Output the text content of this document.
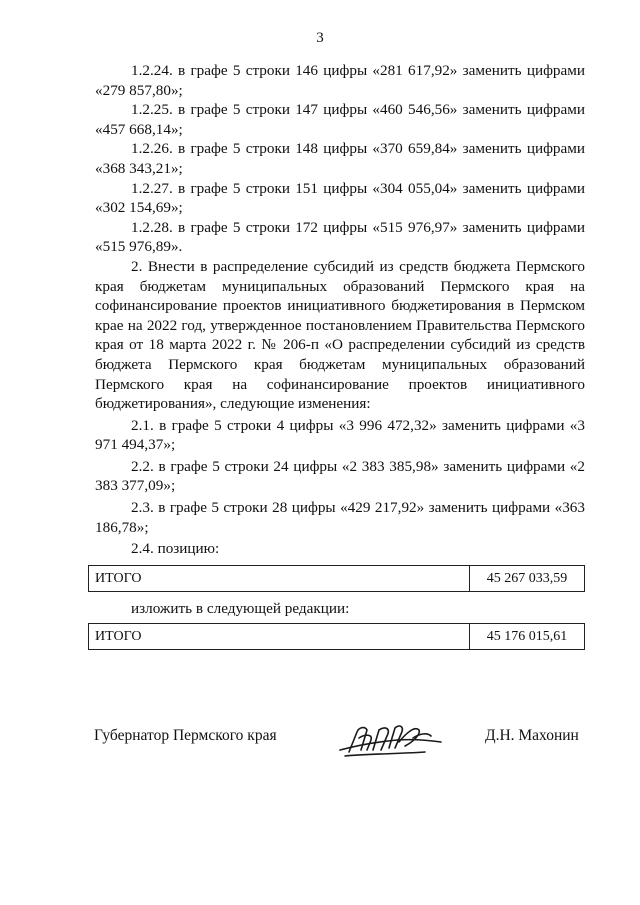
3

1.2.24. в графе 5 строки 146 цифры «281 617,92» заменить цифрами «279 857,80»;

1.2.25. в графе 5 строки 147 цифры «460 546,56» заменить цифрами «457 668,14»;

1.2.26. в графе 5 строки 148 цифры «370 659,84» заменить цифрами «368 343,21»;

1.2.27. в графе 5 строки 151 цифры «304 055,04» заменить цифрами «302 154,69»;

1.2.28. в графе 5 строки 172 цифры «515 976,97» заменить цифрами «515 976,89».

2. Внести в распределение субсидий из средств бюджета Пермского края бюджетам муниципальных образований Пермского края на софинансирование проектов инициативного бюджетирования в Пермском крае на 2022 год, утвержденное постановлением Правительства Пермского края от 18 марта 2022 г. № 206-п «О распределении субсидий из средств бюджета Пермского края бюджетам муниципальных образований Пермского края на софинансирование проектов инициативного бюджетирования», следующие изменения:

2.1. в графе 5 строки 4 цифры «3 996 472,32» заменить цифрами «3 971 494,37»;

2.2. в графе 5 строки 24 цифры «2 383 385,98» заменить цифрами «2 383 377,09»;

2.3. в графе 5 строки 28 цифры «429 217,92» заменить цифрами «363 186,78»;

2.4. позицию:

ИТОГО	45 267 033,59
изложить в следующей редакции:
ИТОГО	45 176 015,61
Губернатор Пермского края	Д.Н. Махонин
